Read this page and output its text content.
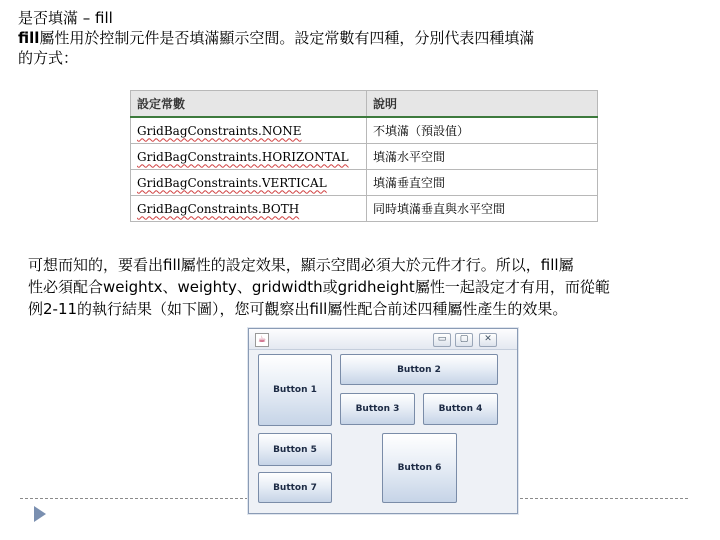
是否填滿 – fill
fill屬性用於控制元件是否填滿顯示空間。設定常數有四種，分別代表四種填滿
的方式：
設定常數	說明
GridBagConstraints.NONE	不填滿（預設值）
GridBagConstraints.HORIZONTAL	填滿水平空間
GridBagConstraints.VERTICAL	填滿垂直空間
GridBagConstraints.BOTH	同時填滿垂直與水平空間
可想而知的，要看出fill屬性的設定效果，顯示空間必須大於元件才行。所以，fill屬
性必須配合weightx、weighty、gridwidth或gridheight屬性一起設定才有用，而從範
例2-11的執行結果（如下圖），您可觀察出fill屬性配合前述四種屬性產生的效果。
☕	▭	▢	✕
Button 1
Button 2
Button 3	Button 4
Button 5
Button 6
Button 7
